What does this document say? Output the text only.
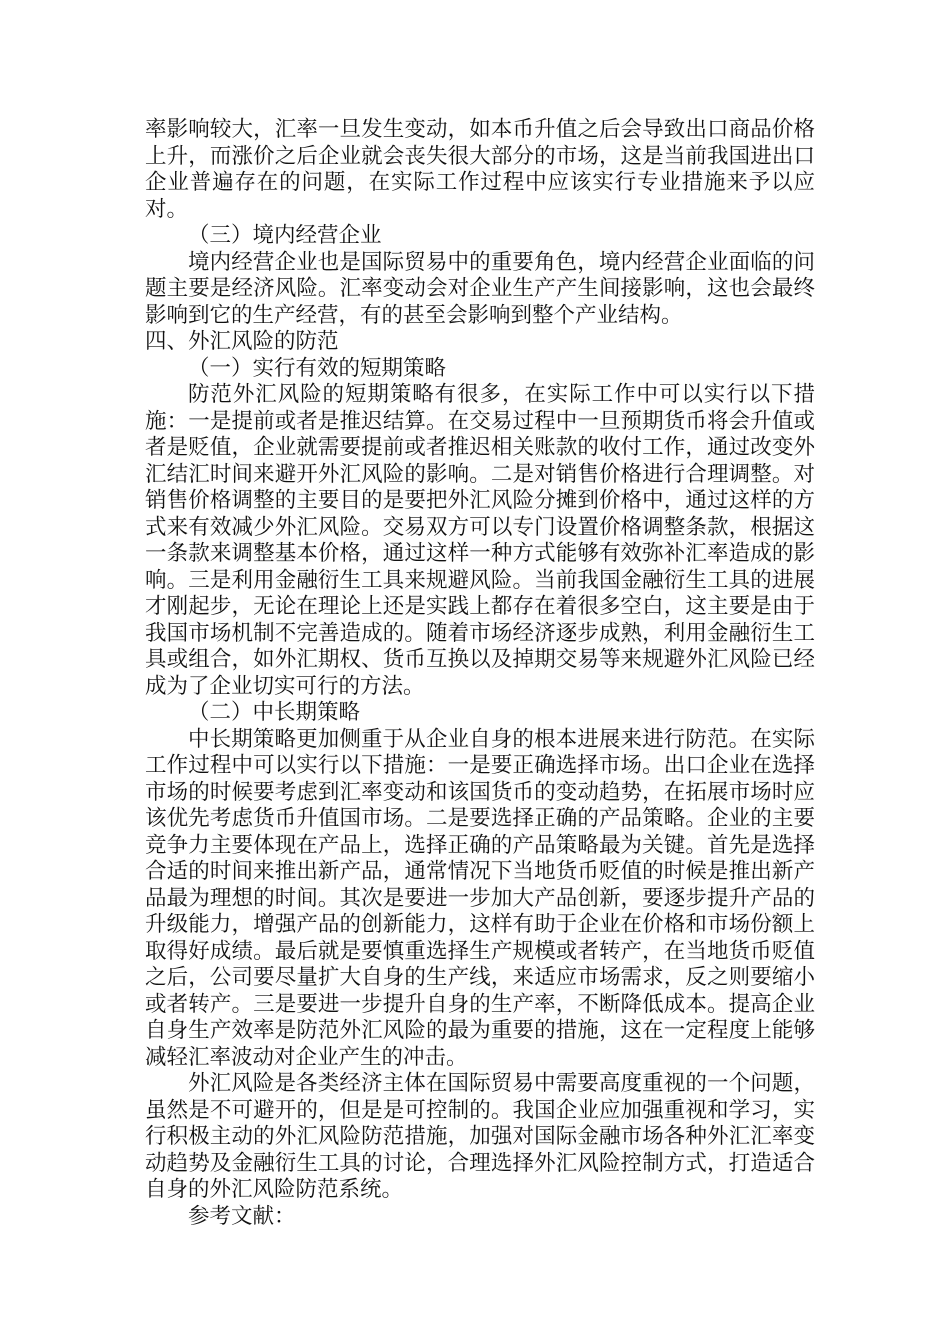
率影响较大，汇率一旦发生变动，如本币升值之后会导致出口商品价格上升，而涨价之后企业就会丧失很大部分的市场，这是当前我国进出口企业普遍存在的问题，在实际工作过程中应该实行专业措施来予以应对。

（三）境内经营企业

境内经营企业也是国际贸易中的重要角色，境内经营企业面临的问题主要是经济风险。汇率变动会对企业生产产生间接影响，这也会最终影响到它的生产经营，有的甚至会影响到整个产业结构。

四、外汇风险的防范

（一）实行有效的短期策略

防范外汇风险的短期策略有很多，在实际工作中可以实行以下措施：一是提前或者是推迟结算。在交易过程中一旦预期货币将会升值或者是贬值，企业就需要提前或者推迟相关账款的收付工作，通过改变外汇结汇时间来避开外汇风险的影响。二是对销售价格进行合理调整。对销售价格调整的主要目的是要把外汇风险分摊到价格中，通过这样的方式来有效减少外汇风险。交易双方可以专门设置价格调整条款，根据这一条款来调整基本价格，通过这样一种方式能够有效弥补汇率造成的影响。三是利用金融衍生工具来规避风险。当前我国金融衍生工具的进展才刚起步，无论在理论上还是实践上都存在着很多空白，这主要是由于我国市场机制不完善造成的。随着市场经济逐步成熟，利用金融衍生工具或组合，如外汇期权、货币互换以及掉期交易等来规避外汇风险已经成为了企业切实可行的方法。

（二）中长期策略

中长期策略更加侧重于从企业自身的根本进展来进行防范。在实际工作过程中可以实行以下措施：一是要正确选择市场。出口企业在选择市场的时候要考虑到汇率变动和该国货币的变动趋势，在拓展市场时应该优先考虑货币升值国市场。二是要选择正确的产品策略。企业的主要竞争力主要体现在产品上，选择正确的产品策略最为关键。首先是选择合适的时间来推出新产品，通常情况下当地货币贬值的时候是推出新产品最为理想的时间。其次是要进一步加大产品创新，要逐步提升产品的升级能力，增强产品的创新能力，这样有助于企业在价格和市场份额上取得好成绩。最后就是要慎重选择生产规模或者转产，在当地货币贬值之后，公司要尽量扩大自身的生产线，来适应市场需求，反之则要缩小或者转产。三是要进一步提升自身的生产率，不断降低成本。提高企业自身生产效率是防范外汇风险的最为重要的措施，这在一定程度上能够减轻汇率波动对企业产生的冲击。

外汇风险是各类经济主体在国际贸易中需要高度重视的一个问题，虽然是不可避开的，但是是可控制的。我国企业应加强重视和学习，实行积极主动的外汇风险防范措施，加强对国际金融市场各种外汇汇率变动趋势及金融衍生工具的讨论，合理选择外汇风险控制方式，打造适合自身的外汇风险防范系统。

参考文献：
